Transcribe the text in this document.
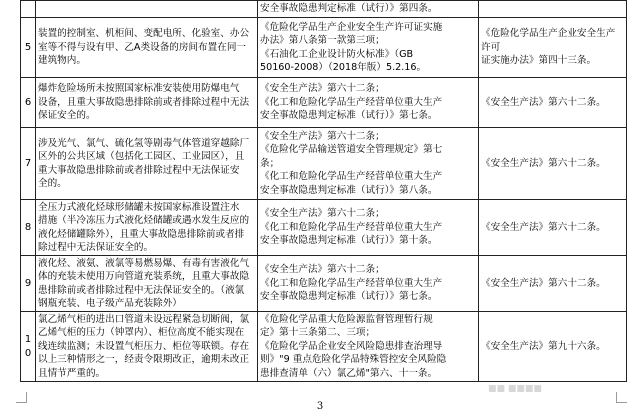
		安全事故隐患判定标准（试行）》第四条。	
5	装置的控制室、机柜间、变配电所、化验室、办公
室等不得与设有甲、乙A类设备的房间布置在同一
建筑物内。	《危险化学品生产企业安全生产许可证实施
办法》第八条第一款第三项；
《石油化工企业设计防火标准》（GB
50160-2008）（2018年版）5.2.16。	《危险化学品生产企业安全生产许可
证实施办法》第四十三条。

6	爆炸危险场所未按照国家标准安装使用防爆电气
设备，且重大事故隐患排除前或者排除过程中无法
保证安全的。	《安全生产法》第六十二条；
《化工和危险化学品生产经营单位重大生产
安全事故隐患判定标准（试行）》第七条。	《安全生产法》第六十二条。

7	涉及光气、氯气、硫化氢等剧毒气体管道穿越除厂
区外的公共区域（包括化工园区、工业园区），且
重大事故隐患排除前或者排除过程中无法保证安
全的。	《安全生产法》第六十二条；
《危险化学品输送管道安全管理规定》第七
条；
《化工和危险化学品生产经营单位重大生产
安全事故隐患判定标准（试行）》第八条。	《安全生产法》第六十二条。

8	全压力式液化烃球形储罐未按国家标准设置注水
措施（半冷冻压力式液化烃储罐或遇水发生反应的
液化烃储罐除外），且重大事故隐患排除前或者排
除过程中无法保证安全的。	《安全生产法》第六十二条；
《化工和危险化学品生产经营单位重大生产
安全事故隐患判定标准（试行）》第十条。	《安全生产法》第六十二条。

9	液化烃、液氨、液氯等易燃易爆、有毒有害液化气
体的充装未使用万向管道充装系统，且重大事故隐
患排除前或者排除过程中无法保证安全的。（液氯
钢瓶充装、电子级产品充装除外）	《安全生产法》第六十二条；
《化工和危险化学品生产经营单位重大生产
安全事故隐患判定标准（试行）》第七条。	《安全生产法》第六十二条。

10	氯乙烯气柜的进出口管道未设远程紧急切断阀，氯
乙烯气柜的压力（钟罩内）、柜位高度不能实现在
线连续监测；未设置气柜压力、柜位等联锁。存在
以上三种情形之一，经责令限期改正，逾期未改正
且情节严重的。	《危险化学品重大危险源监督管理暂行规
定》第十三条第二、三项；
《危险化学品企业安全风险隐患排查治理导
则》"9 重点危险化学品特殊管控安全风险隐
患排查清单（六）氯乙烯"第六、十一条。	《安全生产法》第九十六条。
■■ ■■■■
3
